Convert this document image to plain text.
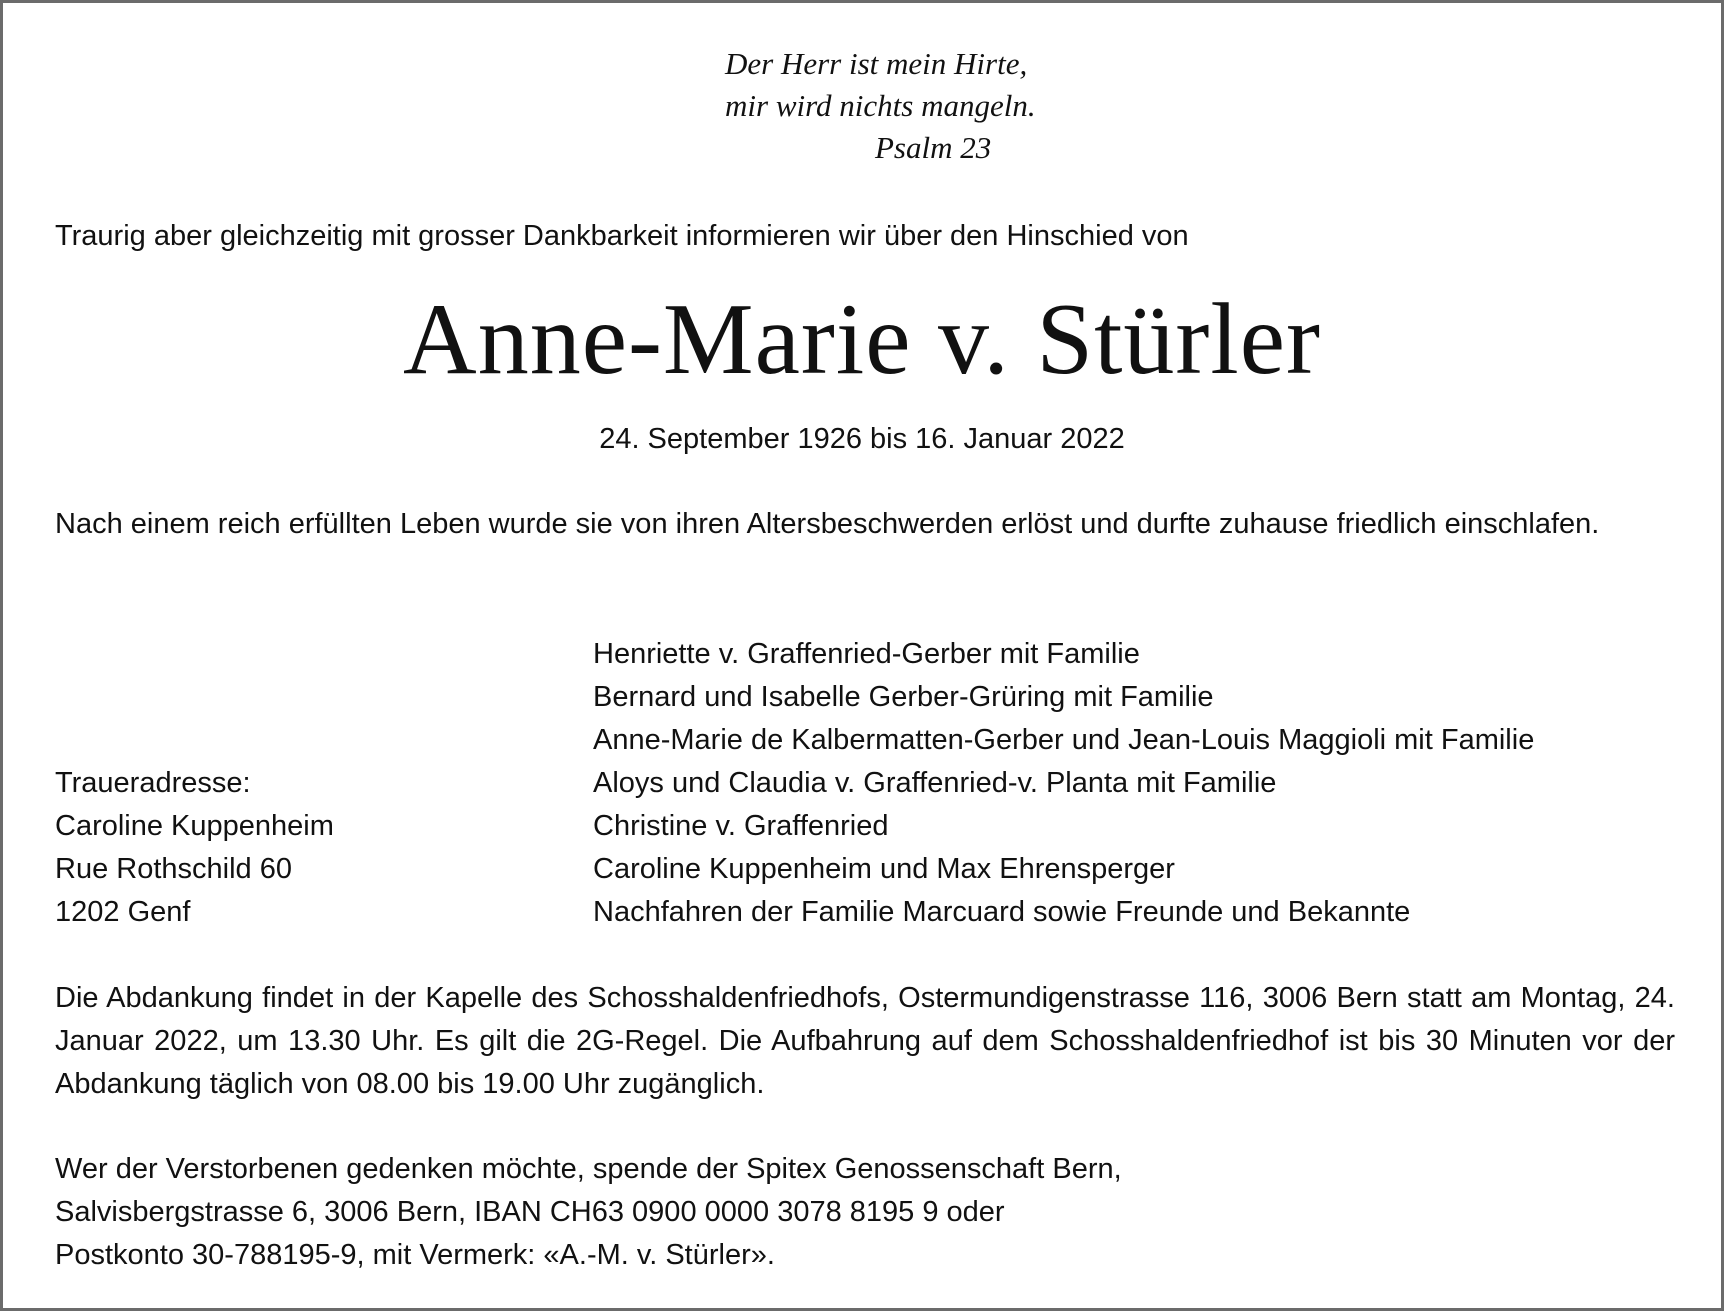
Der Herr ist mein Hirte,
mir wird nichts mangeln.
Psalm 23
Traurig aber gleichzeitig mit grosser Dankbarkeit informieren wir über den Hinschied von
Anne-Marie v. Stürler
24. September 1926 bis 16. Januar 2022
Nach einem reich erfüllten Leben wurde sie von ihren Altersbeschwerden erlöst und durfte zuhause friedlich einschlafen.
Henriette v. Graffenried-Gerber mit Familie
Bernard und Isabelle Gerber-Grüring mit Familie
Anne-Marie de Kalbermatten-Gerber und Jean-Louis Maggioli mit Familie
Aloys und Claudia v. Graffenried-v. Planta mit Familie
Christine v. Graffenried
Caroline Kuppenheim und Max Ehrensperger
Nachfahren der Familie Marcuard sowie Freunde und Bekannte
Traueradresse:
Caroline Kuppenheim
Rue Rothschild 60
1202 Genf
Die Abdankung findet in der Kapelle des Schosshaldenfriedhofs, Ostermundigenstrasse 116, 3006 Bern statt am Montag, 24. Januar 2022, um 13.30 Uhr. Es gilt die 2G-Regel. Die Aufbahrung auf dem Schosshaldenfriedhof ist bis 30 Minuten vor der Abdankung täglich von 08.00 bis 19.00 Uhr zugänglich.
Wer der Verstorbenen gedenken möchte, spende der Spitex Genossenschaft Bern,
Salvisbergstrasse 6, 3006 Bern, IBAN CH63 0900 0000 3078 8195 9 oder
Postkonto 30-788195-9, mit Vermerk: «A.-M. v. Stürler».
